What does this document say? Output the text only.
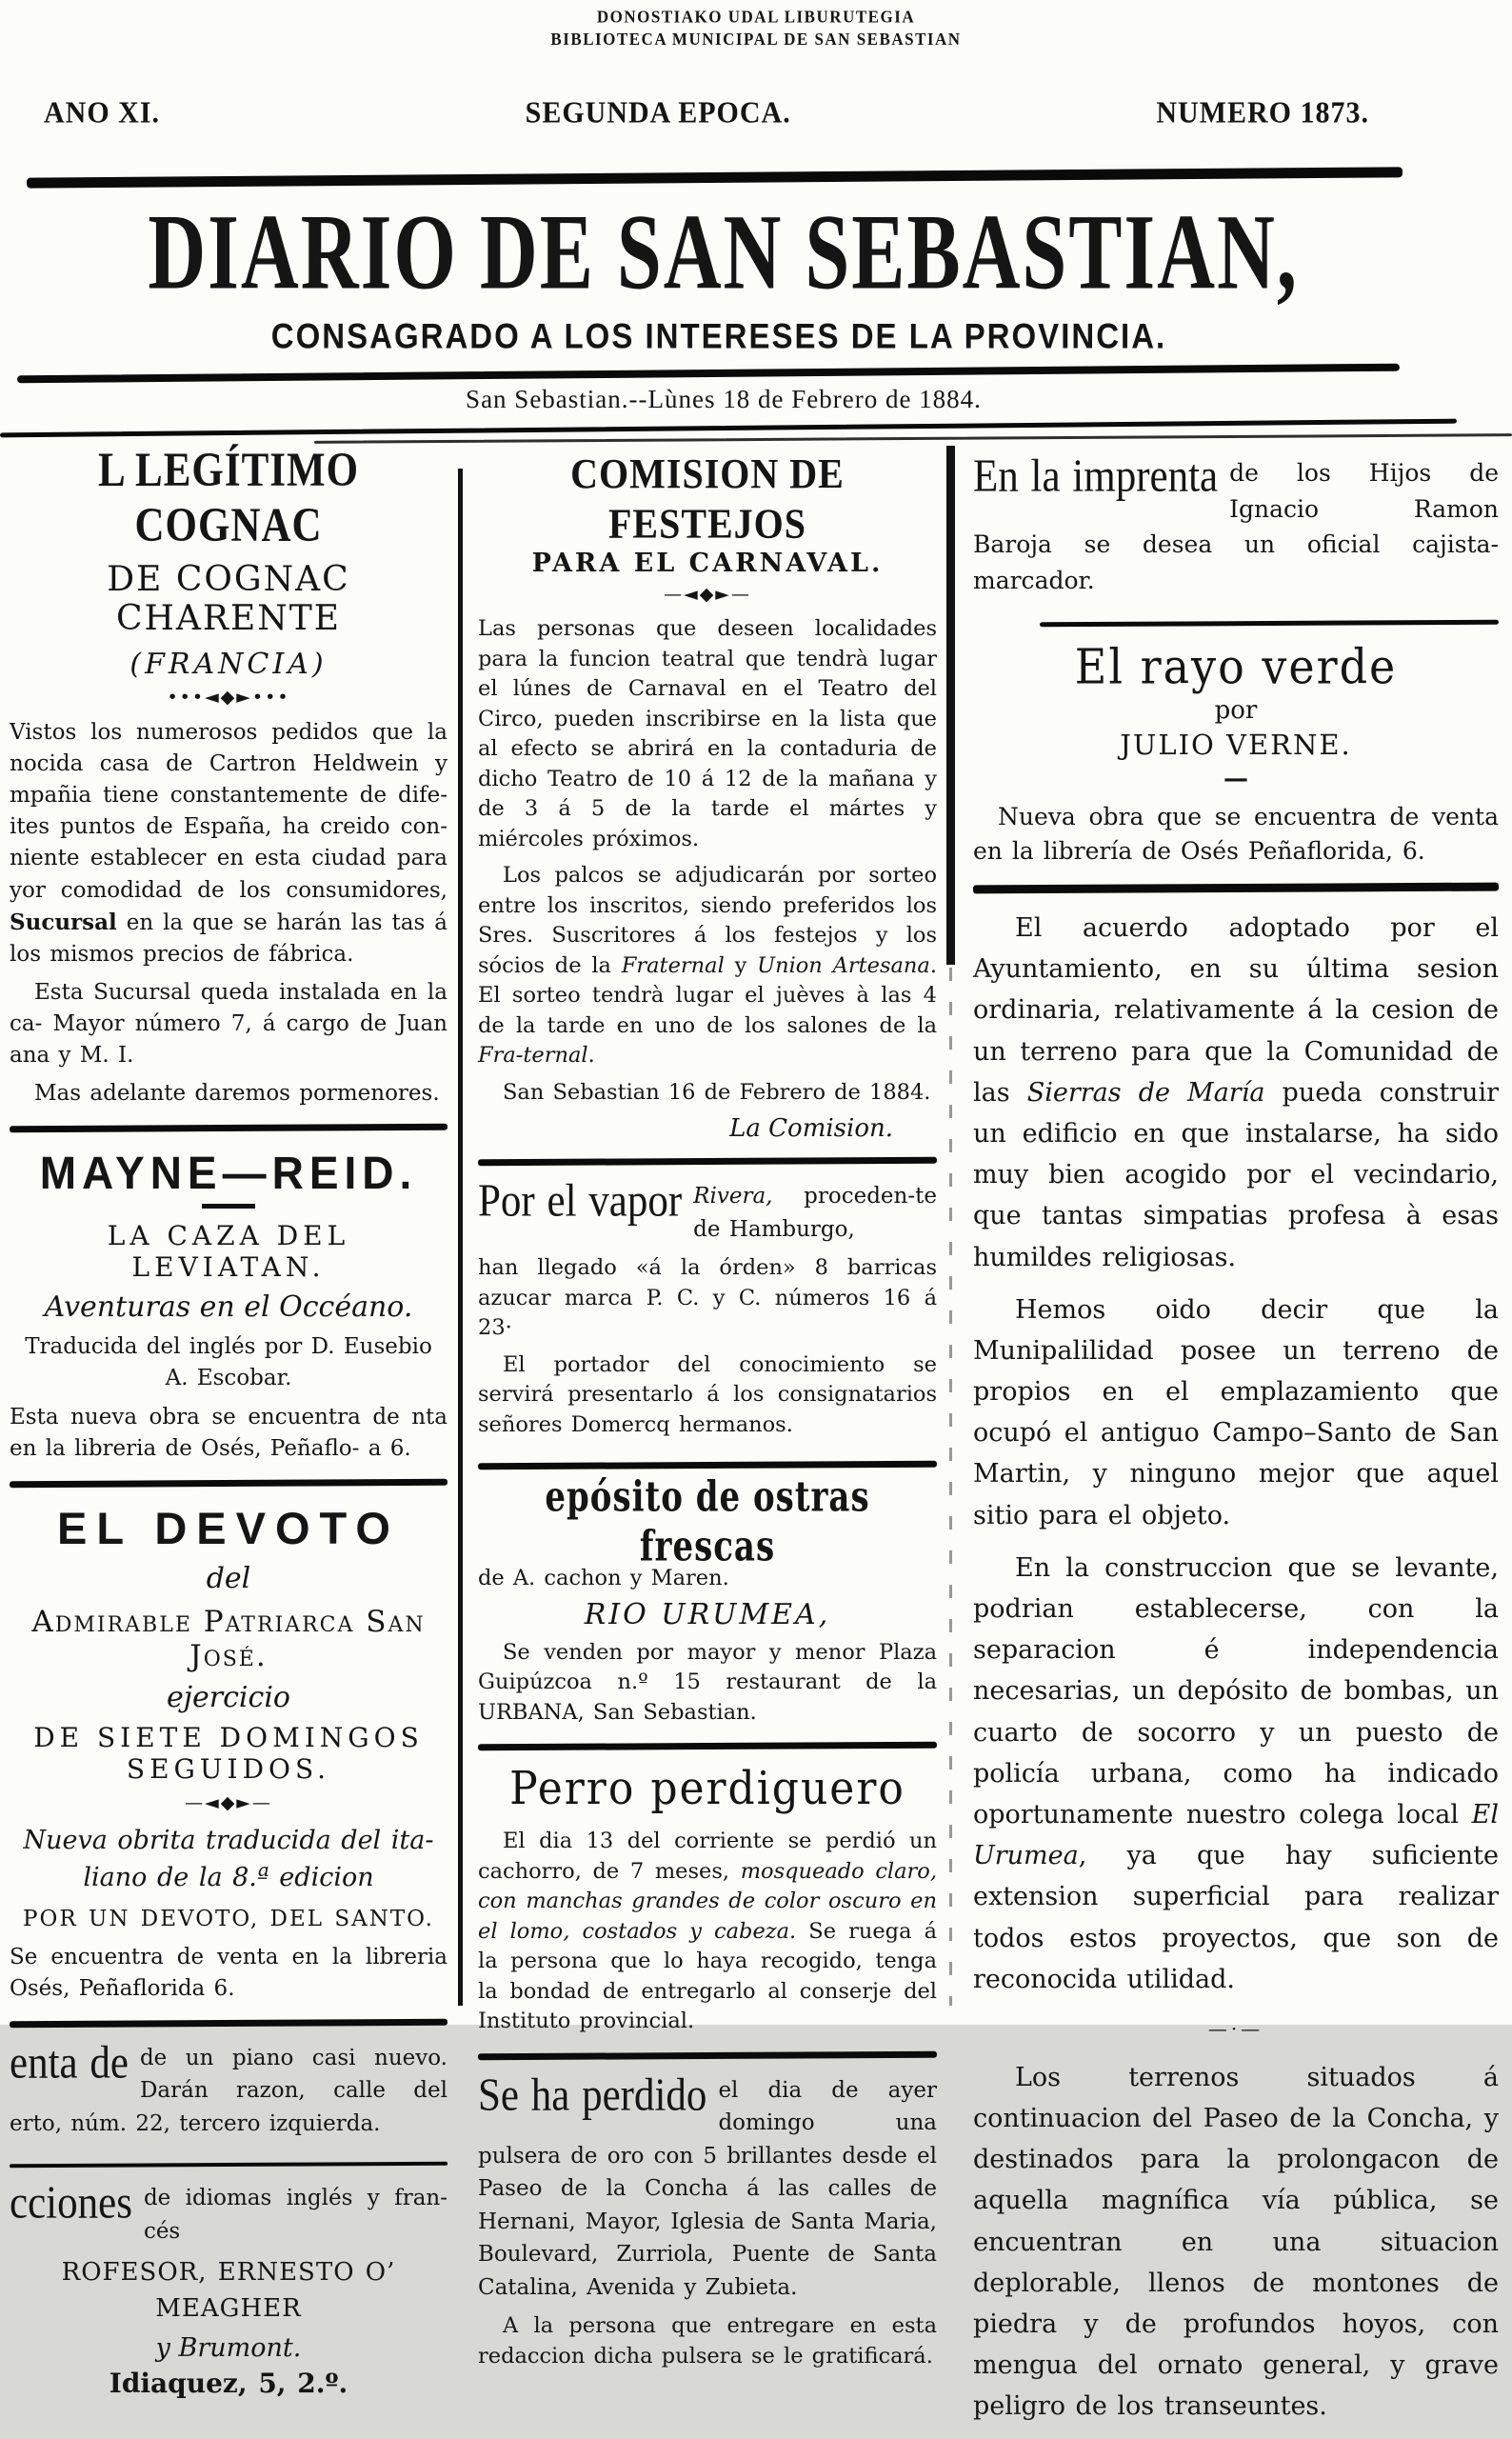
DONOSTIAKO UDAL LIBURUTEGIA
BIBLIOTECA MUNICIPAL DE SAN SEBASTIAN
ANO XI.	SEGUNDA EPOCA.	NUMERO 1873.
DIARIO DE SAN SEBASTIAN,
CONSAGRADO A LOS INTERESES DE LA PROVINCIA.
San Sebastian.--Lùnes 18 de Febrero de 1884.
L LEGÍTIMO COGNAC
DE COGNAC CHARENTE
(FRANCIA)
•••◄◆►•••

Vistos los numerosos pedidos que la nocida casa de Cartron Heldwein y mpañia tiene constantemente de dife-ites puntos de España, ha creido con-niente establecer en esta ciudad para yor comodidad de los consumidores, Sucursal en la que se harán las tas á los mismos precios de fábrica.

Esta Sucursal queda instalada en la ca- Mayor número 7, á cargo de Juan ana y M. I.

Mas adelante daremos pormenores.

MAYNE—REID.
LA CAZA DEL LEVIATAN.
Aventuras en el Occéano.

Traducida del inglés por D. Eusebio A. Escobar.

Esta nueva obra se encuentra de nta en la libreria de Osés, Peñaflo- a 6.

EL DEVOTO
del
Admirable Patriarca San José.
ejercicio
DE SIETE DOMINGOS SEGUIDOS.
—◄◆►—

Nueva obrita traducida del ita- liano de la 8.ª edicion

POR UN DEVOTO, DEL SANTO.

Se encuentra de venta en la libreria Osés, Peñaflorida 6.

enta de de un piano casi nuevo. Darán razon, calle del erto, núm. 22, tercero izquierda.

cciones de idiomas inglés y fran- cés

ROFESOR, ERNESTO O’ MEAGHER

y Brumont.

Idiaquez, 5, 2.º.

COMISION DE FESTEJOS
PARA EL CARNAVAL.
—◄◆►—

Las personas que deseen localidades para la funcion teatral que tendrà lugar el lúnes de Carnaval en el Teatro del Circo, pueden inscribirse en la lista que al efecto se abrirá en la contaduria de dicho Teatro de 10 á 12 de la mañana y de 3 á 5 de la tarde el mártes y miércoles próximos.

Los palcos se adjudicarán por sorteo entre los inscritos, siendo preferidos los Sres. Suscritores á los festejos y los sócios de la Fraternal y Union Artesana. El sorteo tendrà lugar el juèves à las 4 de la tarde en uno de los salones de la Fra-ternal.

San Sebastian 16 de Febrero de 1884.

La Comision.

Por el vapor Rivera, proceden-te de Hamburgo,

han llegado «á la órden» 8 barricas azucar marca P. C. y C. números 16 á 23·

El portador del conocimiento se servirá presentarlo á los consignatarios señores Domercq hermanos.

epósito de ostras frescas

de A. cachon y Maren.

RIO URUMEA,

Se venden por mayor y menor Plaza Guipúzcoa n.º 15 restaurant de la URBANA, San Sebastian.

Perro perdiguero

El dia 13 del corriente se perdió un cachorro, de 7 meses, mosqueado claro, con manchas grandes de color oscuro en el lomo, costados y cabeza. Se ruega á la persona que lo haya recogido, tenga la bondad de entregarlo al conserje del Instituto provincial.

Se ha perdido el dia de ayer domingo una pulsera de oro con 5 brillantes desde el Paseo de la Concha á las calles de Hernani, Mayor, Iglesia de Santa Maria, Boulevard, Zurriola, Puente de Santa Catalina, Avenida y Zubieta.

A la persona que entregare en esta redaccion dicha pulsera se le gratificará.

En la imprenta de los Hijos de Ignacio Ramon Baroja se desea un oficial cajista-marcador.

El rayo verde
por
JULIO VERNE.
—

Nueva obra que se encuentra de venta en la librería de Osés Peñaflorida, 6.

El acuerdo adoptado por el Ayuntamiento, en su última sesion ordinaria, relativamente á la cesion de un terreno para que la Comunidad de las Sierras de María pueda construir un edificio en que instalarse, ha sido muy bien acogido por el vecindario, que tantas simpatias profesa à esas humildes religiosas.

Hemos oido decir que la Munipalilidad posee un terreno de propios en el emplazamiento que ocupó el antiguo Campo–Santo de San Martin, y ninguno mejor que aquel sitio para el objeto.

En la construccion que se levante, podrian establecerse, con la separacion é independencia necesarias, un depósito de bombas, un cuarto de socorro y un puesto de policía urbana, como ha indicado oportunamente nuestro colega local El Urumea, ya que hay suficiente extension superficial para realizar todos estos proyectos, que son de reconocida utilidad.

—·—

Los terrenos situados á continuacion del Paseo de la Concha, y destinados para la prolongacon de aquella magnífica vía pública, se encuentran en una situacion deplorable, llenos de montones de piedra y de profundos hoyos, con mengua del ornato general, y grave peligro de los transeuntes.
